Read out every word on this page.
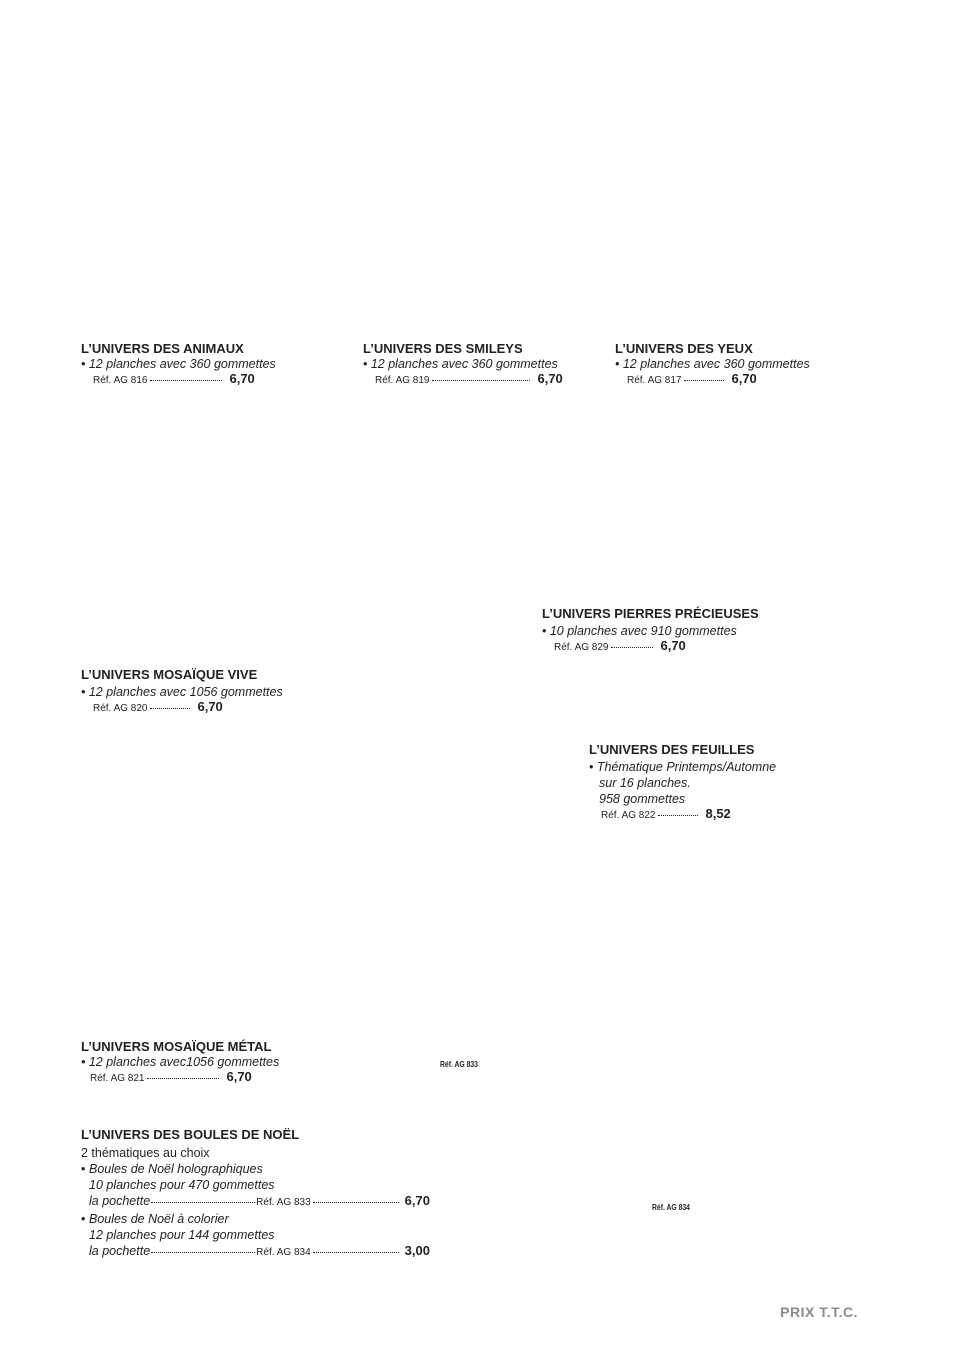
L’UNIVERS DES ANIMAUX
• 12 planches avec 360 gommettes
Réf. AG 816	6,70
L’UNIVERS DES SMILEYS
• 12 planches avec 360 gommettes
Réf. AG 819	6,70
L’UNIVERS DES YEUX
• 12 planches avec 360 gommettes
Réf. AG 817	6,70
L’UNIVERS PIERRES PRÉCIEUSES
• 10 planches avec 910 gommettes
Réf. AG 829	6,70
L’UNIVERS MOSAÏQUE VIVE
• 12 planches avec 1056 gommettes
Réf. AG 820	6,70
L’UNIVERS DES FEUILLES
• Thématique Printemps/Automne
sur 16 planches.
958 gommettes
Réf. AG 822	8,52
L’UNIVERS MOSAÏQUE MÉTAL
• 12 planches avec1056 gommettes
Réf. AG 821	6,70
Réf. AG 833
Réf. AG 834
L’UNIVERS DES BOULES DE NOËL
2 thématiques au choix
• Boules de Noël holographiques
10 planches pour 470 gommettes
la pochette	Réf. AG 833	6,70
• Boules de Noël à colorier
12 planches pour 144 gommettes
la pochette	Réf. AG 834	3,00
PRIX T.T.C.
